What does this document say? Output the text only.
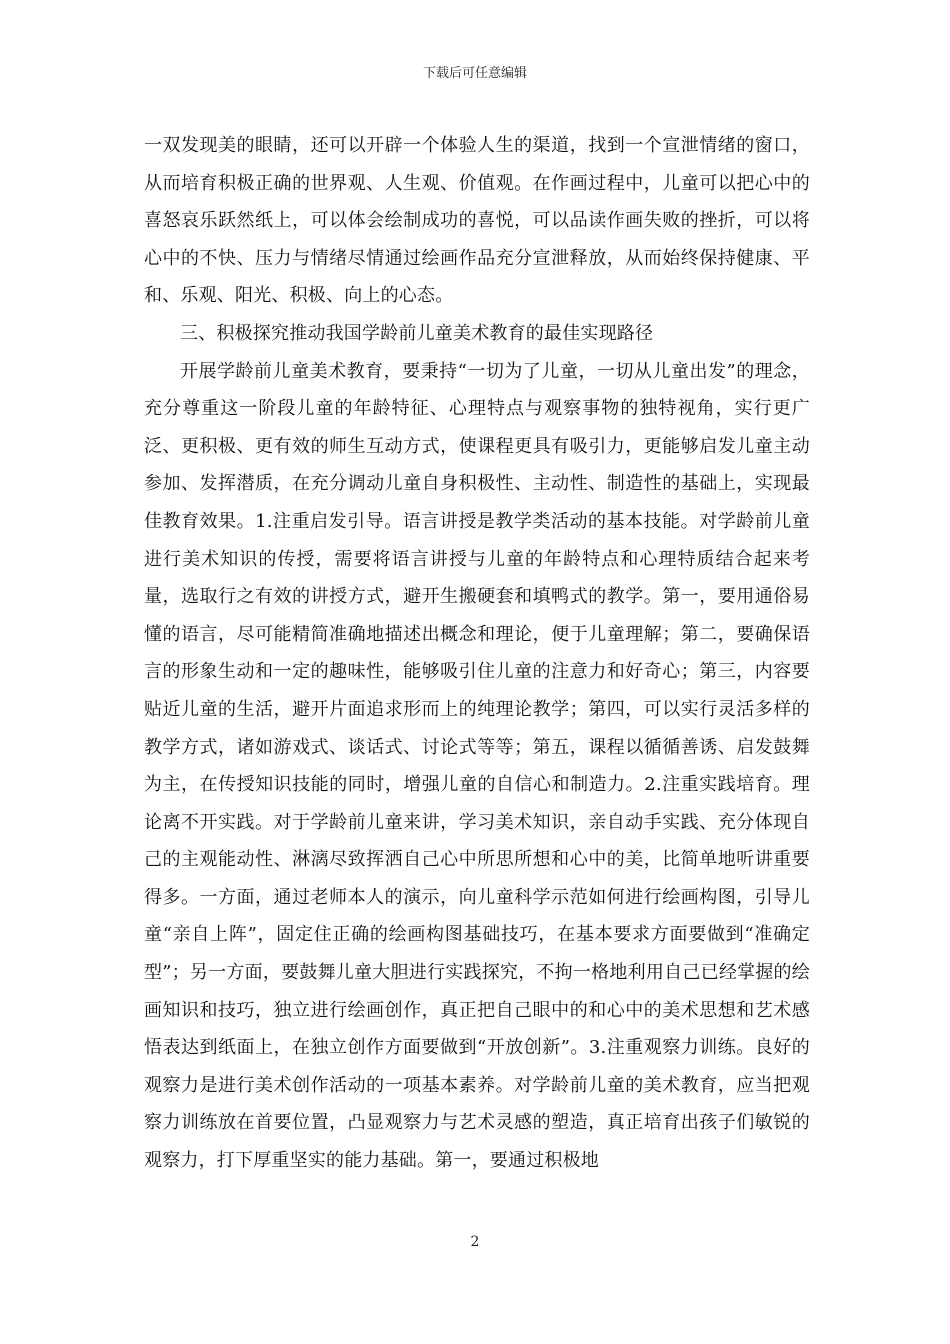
下载后可任意编辑

一双发现美的眼睛，还可以开辟一个体验人生的渠道，找到一个宣泄情绪的窗口，从而培育积极正确的世界观、人生观、价值观。在作画过程中，儿童可以把心中的喜怒哀乐跃然纸上，可以体会绘制成功的喜悦，可以品读作画失败的挫折，可以将心中的不快、压力与情绪尽情通过绘画作品充分宣泄释放，从而始终保持健康、平和、乐观、阳光、积极、向上的心态。

三、积极探究推动我国学龄前儿童美术教育的最佳实现路径

开展学龄前儿童美术教育，要秉持“一切为了儿童，一切从儿童出发”的理念，充分尊重这一阶段儿童的年龄特征、心理特点与观察事物的独特视角，实行更广泛、更积极、更有效的师生互动方式，使课程更具有吸引力，更能够启发儿童主动参加、发挥潜质，在充分调动儿童自身积极性、主动性、制造性的基础上，实现最佳教育效果。1.注重启发引导。语言讲授是教学类活动的基本技能。对学龄前儿童进行美术知识的传授，需要将语言讲授与儿童的年龄特点和心理特质结合起来考量，选取行之有效的讲授方式，避开生搬硬套和填鸭式的教学。第一，要用通俗易懂的语言，尽可能精简准确地描述出概念和理论，便于儿童理解；第二，要确保语言的形象生动和一定的趣味性，能够吸引住儿童的注意力和好奇心；第三，内容要贴近儿童的生活，避开片面追求形而上的纯理论教学；第四，可以实行灵活多样的教学方式，诸如游戏式、谈话式、讨论式等等；第五，课程以循循善诱、启发鼓舞为主，在传授知识技能的同时，增强儿童的自信心和制造力。2.注重实践培育。理论离不开实践。对于学龄前儿童来讲，学习美术知识，亲自动手实践、充分体现自己的主观能动性、淋漓尽致挥洒自己心中所思所想和心中的美，比简单地听讲重要得多。一方面，通过老师本人的演示，向儿童科学示范如何进行绘画构图，引导儿童“亲自上阵”，固定住正确的绘画构图基础技巧，在基本要求方面要做到“准确定型”；另一方面，要鼓舞儿童大胆进行实践探究，不拘一格地利用自己已经掌握的绘画知识和技巧，独立进行绘画创作，真正把自己眼中的和心中的美术思想和艺术感悟表达到纸面上，在独立创作方面要做到“开放创新”。3.注重观察力训练。良好的观察力是进行美术创作活动的一项基本素养。对学龄前儿童的美术教育，应当把观察力训练放在首要位置，凸显观察力与艺术灵感的塑造，真正培育出孩子们敏锐的观察力，打下厚重坚实的能力基础。第一，要通过积极地

2
